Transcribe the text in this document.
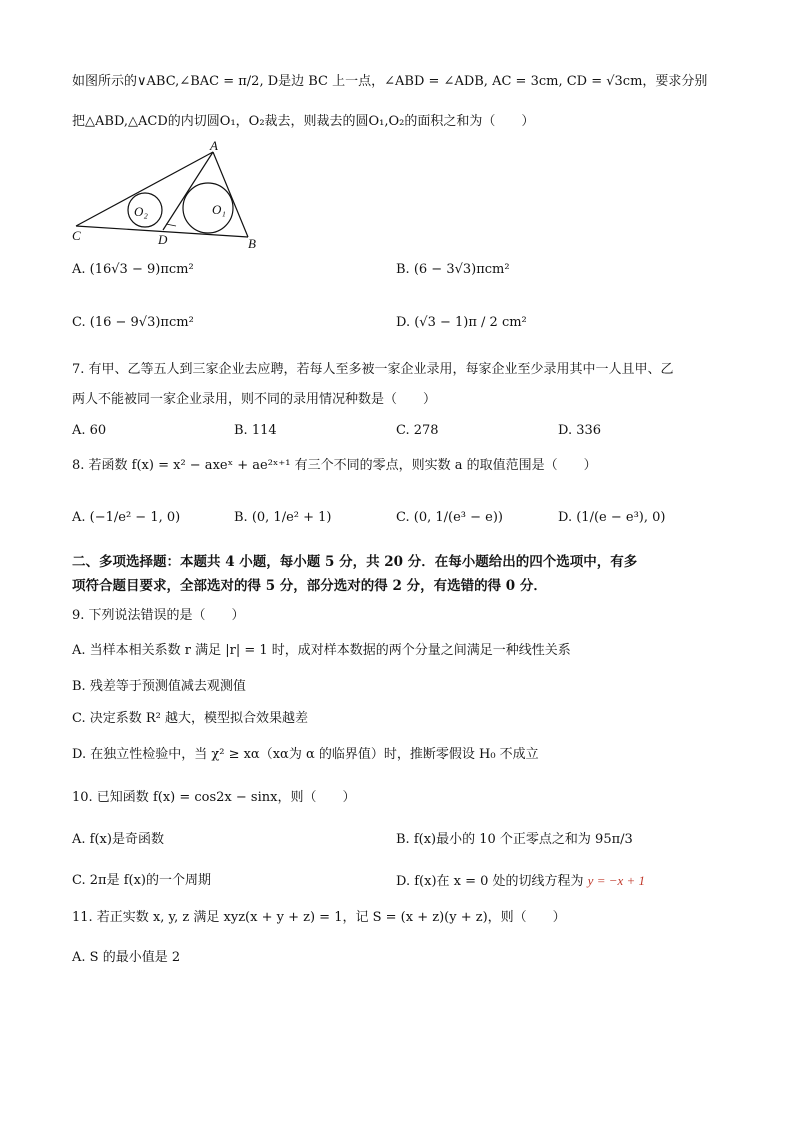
如图所示的∨ABC,∠BAC = π/2, D是边 BC 上一点，∠ABD = ∠ADB, AC = 3cm, CD = √3cm，要求分别
把△ABD,△ACD的内切圆O₁，O₂裁去，则裁去的圆O₁,O₂的面积之和为（　　）
A
B
C	D
O₂	O₁
A. (16√3 − 9)πcm²	B. (6 − 3√3)πcm²
C. (16 − 9√3)πcm²	D. (√3 − 1)π / 2 cm²
7. 有甲、乙等五人到三家企业去应聘，若每人至多被一家企业录用，每家企业至少录用其中一人且甲、乙
两人不能被同一家企业录用，则不同的录用情况种数是（　　）
A. 60	B. 114	C. 278	D. 336
8. 若函数 f(x) = x² − axeˣ + ae²ˣ⁺¹ 有三个不同的零点，则实数 a 的取值范围是（　　）
A. (−1/e² − 1, 0)	B. (0, 1/e² + 1)	C. (0, 1/(e³ − e))	D. (1/(e − e³), 0)
二、多项选择题：本题共 4 小题，每小题 5 分，共 20 分．在每小题给出的四个选项中，有多
项符合题目要求，全部选对的得 5 分，部分选对的得 2 分，有选错的得 0 分．
9. 下列说法错误的是（　　）
A. 当样本相关系数 r 满足 |r| = 1 时，成对样本数据的两个分量之间满足一种线性关系
B. 残差等于预测值减去观测值
C. 决定系数 R² 越大，模型拟合效果越差
D. 在独立性检验中，当 χ² ≥ xα（xα为 α 的临界值）时，推断零假设 H₀ 不成立
10. 已知函数 f(x) = cos2x − sinx，则（　　）
A. f(x)是奇函数	B. f(x)最小的 10 个正零点之和为 95π/3
C. 2π是 f(x)的一个周期	D. f(x)在 x = 0 处的切线方程为 y = −x + 1
11. 若正实数 x, y, z 满足 xyz(x + y + z) = 1，记 S = (x + z)(y + z)，则（　　）
A. S 的最小值是 2
